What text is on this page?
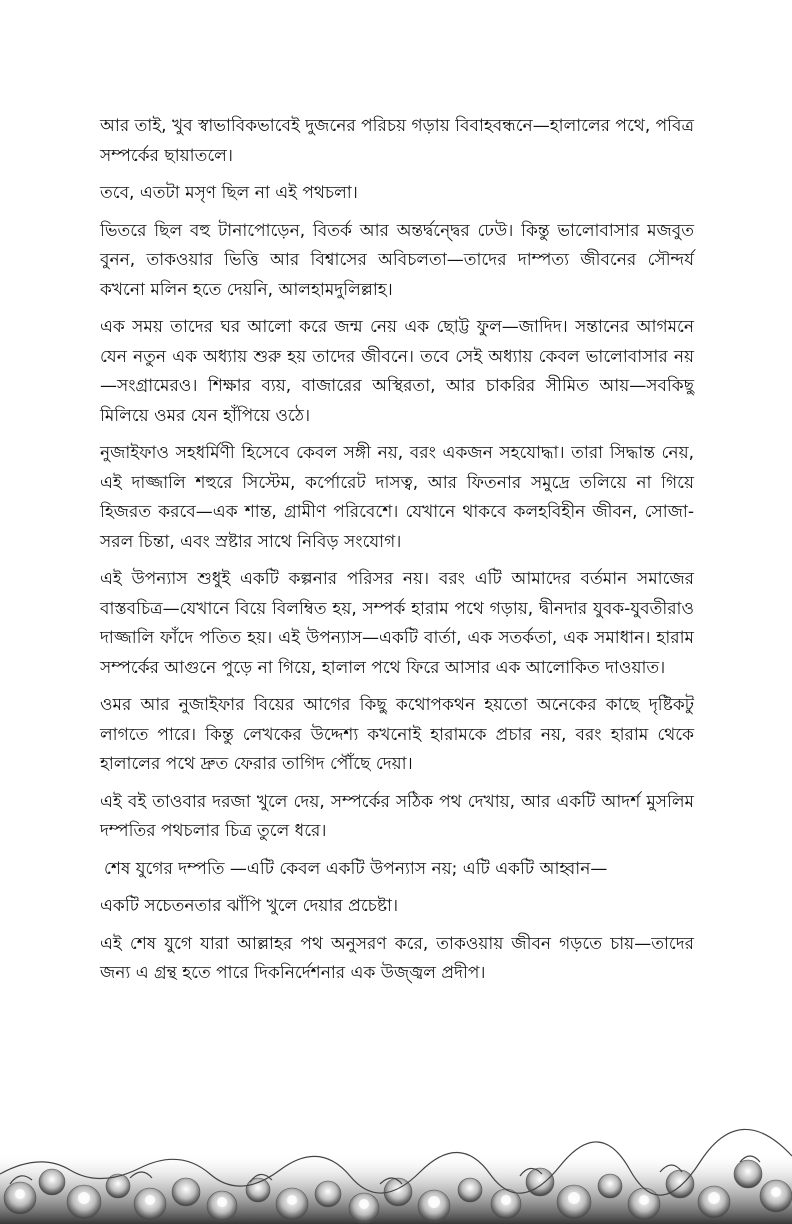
আর তাই, খুব স্বাভাবিকভাবেই দুজনের পরিচয় গড়ায় বিবাহবন্ধনে—হালালের পথে, পবিত্র সম্পর্কের ছায়াতলে।

তবে, এতটা মসৃণ ছিল না এই পথচলা।

ভিতরে ছিল বহু টানাপোড়েন, বিতর্ক আর অন্তর্দ্বন্দ্বের ঢেউ। কিন্তু ভালোবাসার মজবুত বুনন, তাকওয়ার ভিত্তি আর বিশ্বাসের অবিচলতা—তাদের দাম্পত্য জীবনের সৌন্দর্য কখনো মলিন হতে দেয়নি, আলহামদুলিল্লাহ।

এক সময় তাদের ঘর আলো করে জন্ম নেয় এক ছোট্ট ফুল—জাদিদ। সন্তানের আগমনে যেন নতুন এক অধ্যায় শুরু হয় তাদের জীবনে। তবে সেই অধ্যায় কেবল ভালোবাসার নয়—সংগ্রামেরও। শিক্ষার ব্যয়, বাজারের অস্থিরতা, আর চাকরির সীমিত আয়—সবকিছু মিলিয়ে ওমর যেন হাঁপিয়ে ওঠে।

নুজাইফাও সহধর্মিণী হিসেবে কেবল সঙ্গী নয়, বরং একজন সহযোদ্ধা। তারা সিদ্ধান্ত নেয়, এই দাজ্জালি শহুরে সিস্টেম, কর্পোরেট দাসত্ব, আর ফিতনার সমুদ্রে তলিয়ে না গিয়ে হিজরত করবে—এক শান্ত, গ্রামীণ পরিবেশে। যেখানে থাকবে কলহবিহীন জীবন, সোজা-সরল চিন্তা, এবং স্রষ্টার সাথে নিবিড় সংযোগ।

এই উপন্যাস শুধুই একটি কল্পনার পরিসর নয়। বরং এটি আমাদের বর্তমান সমাজের বাস্তবচিত্র—যেখানে বিয়ে বিলম্বিত হয়, সম্পর্ক হারাম পথে গড়ায়, দ্বীনদার যুবক-যুবতীরাও দাজ্জালি ফাঁদে পতিত হয়। এই উপন্যাস—একটি বার্তা, এক সতর্কতা, এক সমাধান। হারাম সম্পর্কের আগুনে পুড়ে না গিয়ে, হালাল পথে ফিরে আসার এক আলোকিত দাওয়াত।

ওমর আর নুজাইফার বিয়ের আগের কিছু কথোপকথন হয়তো অনেকের কাছে দৃষ্টিকটু লাগতে পারে। কিন্তু লেখকের উদ্দেশ্য কখনোই হারামকে প্রচার নয়, বরং হারাম থেকে হালালের পথে দ্রুত ফেরার তাগিদ পৌঁছে দেয়া।

এই বই তাওবার দরজা খুলে দেয়, সম্পর্কের সঠিক পথ দেখায়, আর একটি আদর্শ মুসলিম দম্পতির পথচলার চিত্র তুলে ধরে।

শেষ যুগের দম্পতি —এটি কেবল একটি উপন্যাস নয়; এটি একটি আহ্বান—

একটি সচেতনতার ঝাঁপি খুলে দেয়ার প্রচেষ্টা।

এই শেষ যুগে যারা আল্লাহর পথ অনুসরণ করে, তাকওয়ায় জীবন গড়তে চায়—তাদের জন্য এ গ্রন্থ হতে পারে দিকনির্দেশনার এক উজ্জ্বল প্রদীপ।
